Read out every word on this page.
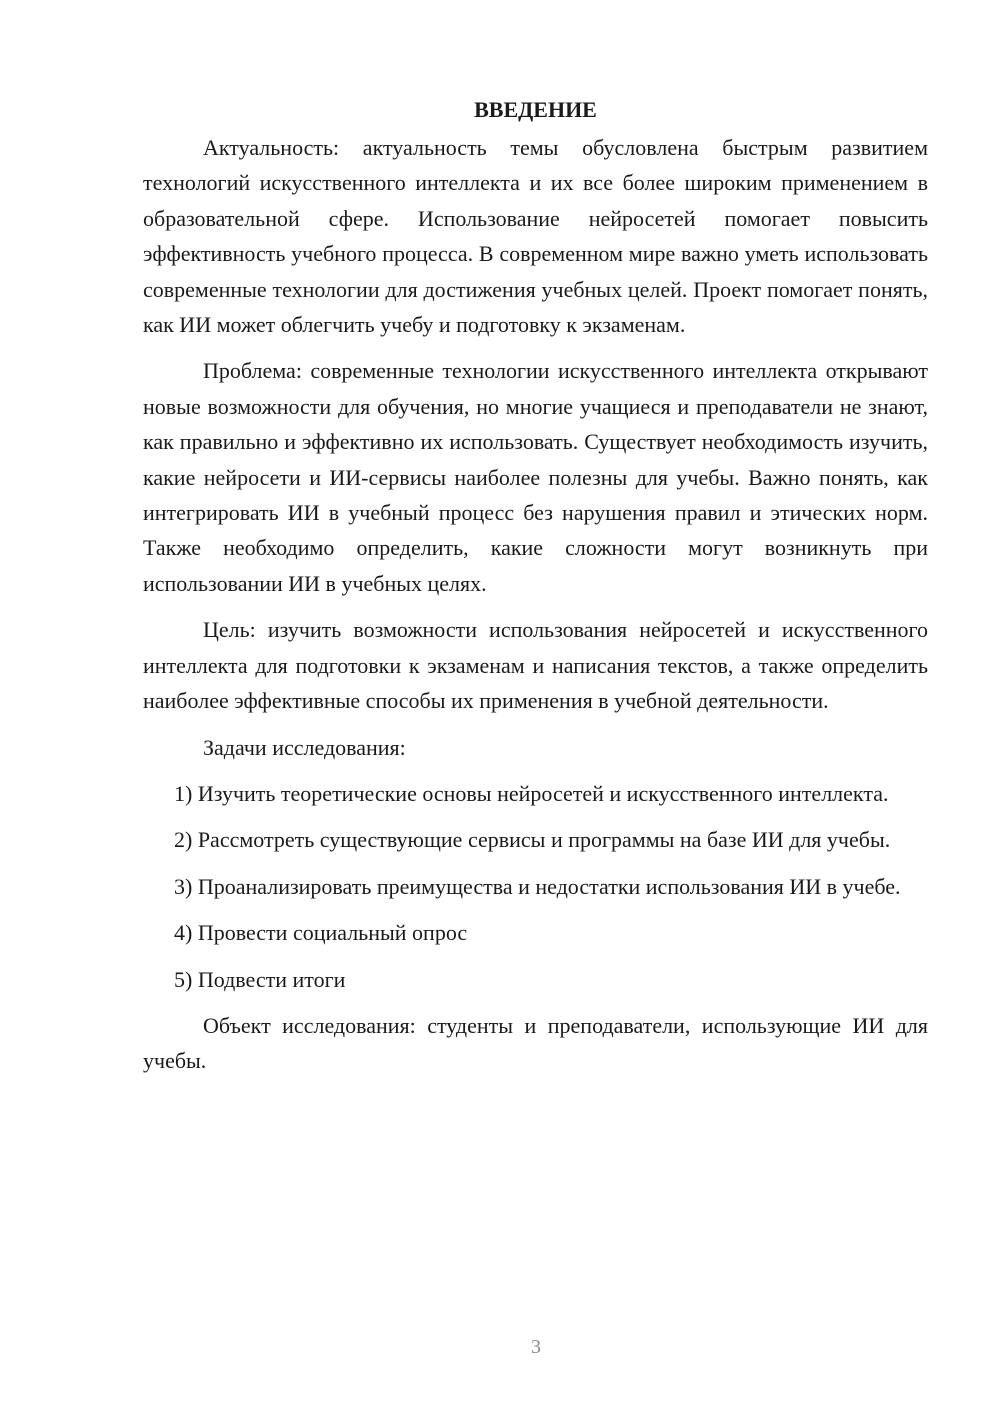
ВВЕДЕНИЕ

Актуальность: актуальность темы обусловлена быстрым развитием технологий искусственного интеллекта и их все более широким применением в образовательной сфере. Использование нейросетей помогает повысить эффективность учебного процесса. В современном мире важно уметь использовать современные технологии для достижения учебных целей. Проект помогает понять, как ИИ может облегчить учебу и подготовку к экзаменам.

Проблема: современные технологии искусственного интеллекта открывают новые возможности для обучения, но многие учащиеся и преподаватели не знают, как правильно и эффективно их использовать. Существует необходимость изучить, какие нейросети и ИИ-сервисы наиболее полезны для учебы. Важно понять, как интегрировать ИИ в учебный процесс без нарушения правил и этических норм. Также необходимо определить, какие сложности могут возникнуть при использовании ИИ в учебных целях.

Цель: изучить возможности использования нейросетей и искусственного интеллекта для подготовки к экзаменам и написания текстов, а также определить наиболее эффективные способы их применения в учебной деятельности.

Задачи исследования:

1) Изучить теоретические основы нейросетей и искусственного интеллекта.

2) Рассмотреть существующие сервисы и программы на базе ИИ для учебы.

3) Проанализировать преимущества и недостатки использования ИИ в учебе.

4) Провести социальный опрос

5) Подвести итоги

Объект исследования: студенты и преподаватели, использующие ИИ для учебы.

3
